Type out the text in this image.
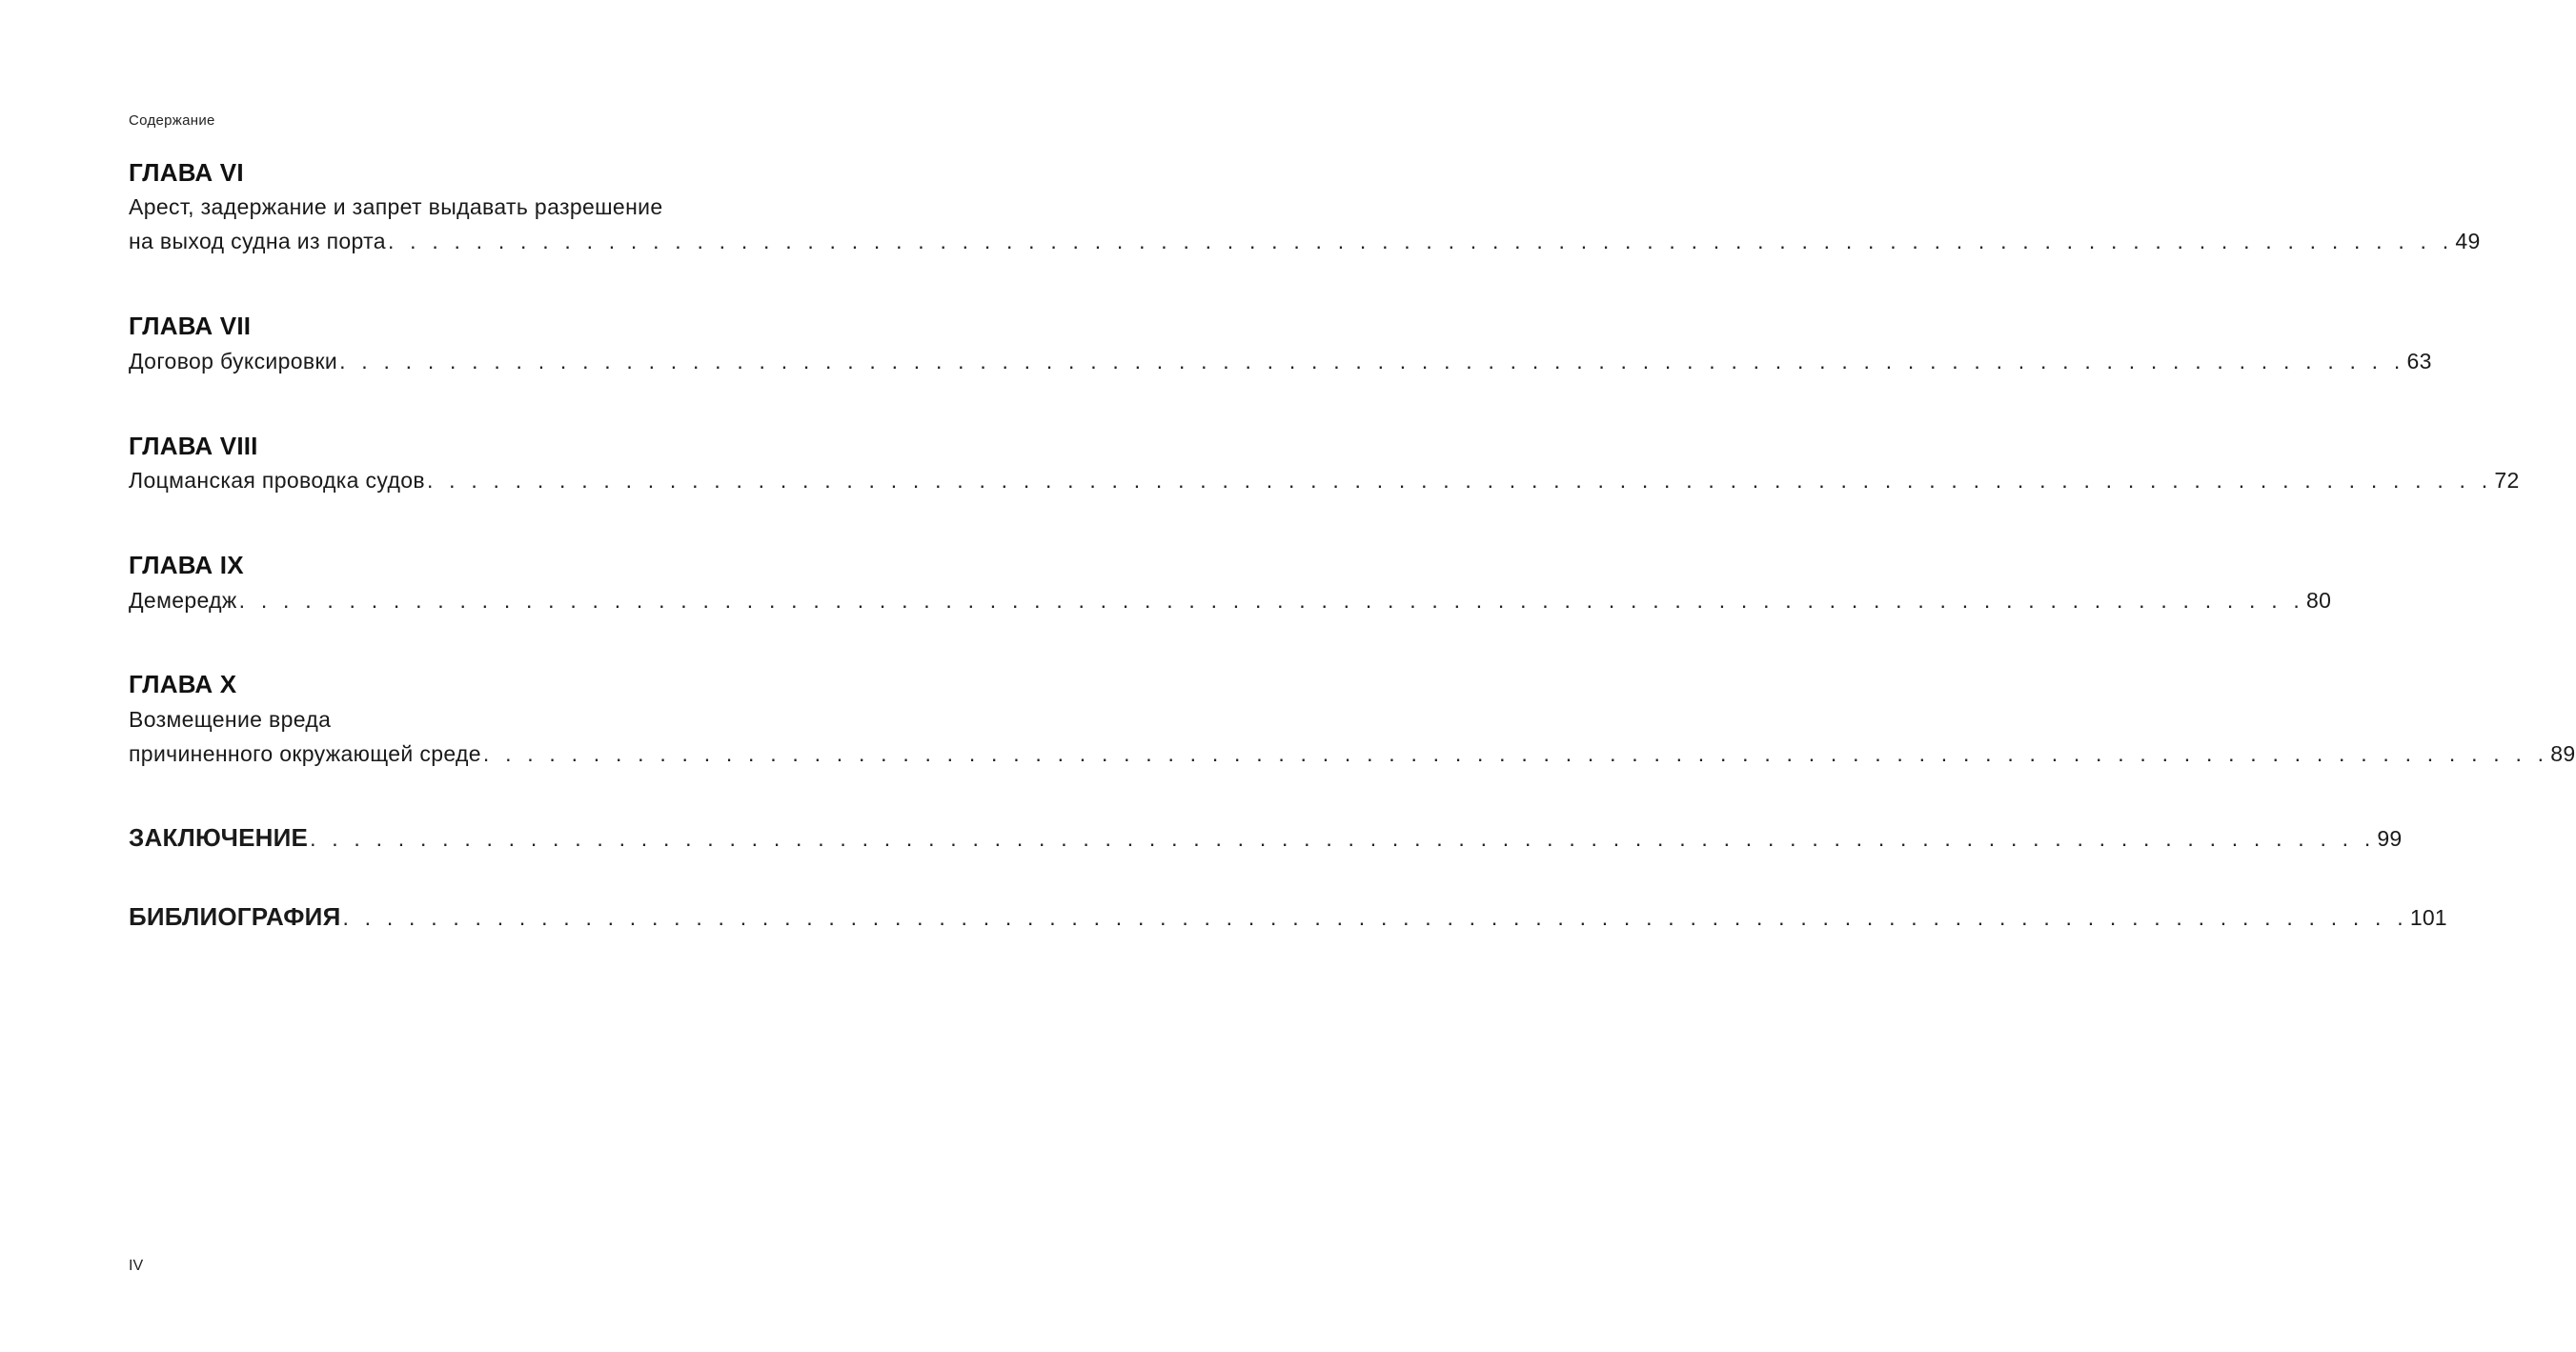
Содержание
ГЛАВА VI
Арест, задержание и запрет выдавать разрешение
на выход судна из порта . . . . . . . . . . . . . . . . . . . . . . . . . . . . . . . . . . . . . . . . . . . . . . . . . . . . . . . . . . . . . . . . . . . . . . . . . . . . . . . . . . . . . . . . . . . . . . 49
ГЛАВА VII
Договор буксировки . . . . . . . . . . . . . . . . . . . . . . . . . . . . . . . . . . . . . . . . . . . . . . . . . . . . . . . . . . . . . . . . . . . . . . . . . . . . . . . . . . . . . . . . . . . . . . 63
ГЛАВА VIII
Лоцманская проводка судов . . . . . . . . . . . . . . . . . . . . . . . . . . . . . . . . . . . . . . . . . . . . . . . . . . . . . . . . . . . . . . . . . . . . . . . . . . . . . . . . . . . . . . . . . . . . . . 72
ГЛАВА IX
Демередж . . . . . . . . . . . . . . . . . . . . . . . . . . . . . . . . . . . . . . . . . . . . . . . . . . . . . . . . . . . . . . . . . . . . . . . . . . . . . . . . . . . . . . . . . . . . . . 80
ГЛАВА X
Возмещение вреда
причиненного окружающей среде . . . . . . . . . . . . . . . . . . . . . . . . . . . . . . . . . . . . . . . . . . . . . . . . . . . . . . . . . . . . . . . . . . . . . . . . . . . . . . . . . . . . . . . . . . . . . . 89
ЗАКЛЮЧЕНИЕ . . . . . . . . . . . . . . . . . . . . . . . . . . . . . . . . . . . . . . . . . . . . . . . . . . . . . . . . . . . . . . . . . . . . . . . . . . . . . . . . . . . . . . . . . . . . . . 99
БИБЛИОГРАФИЯ . . . . . . . . . . . . . . . . . . . . . . . . . . . . . . . . . . . . . . . . . . . . . . . . . . . . . . . . . . . . . . . . . . . . . . . . . . . . . . . . . . . . . . . . . . . . . . 101
IV
